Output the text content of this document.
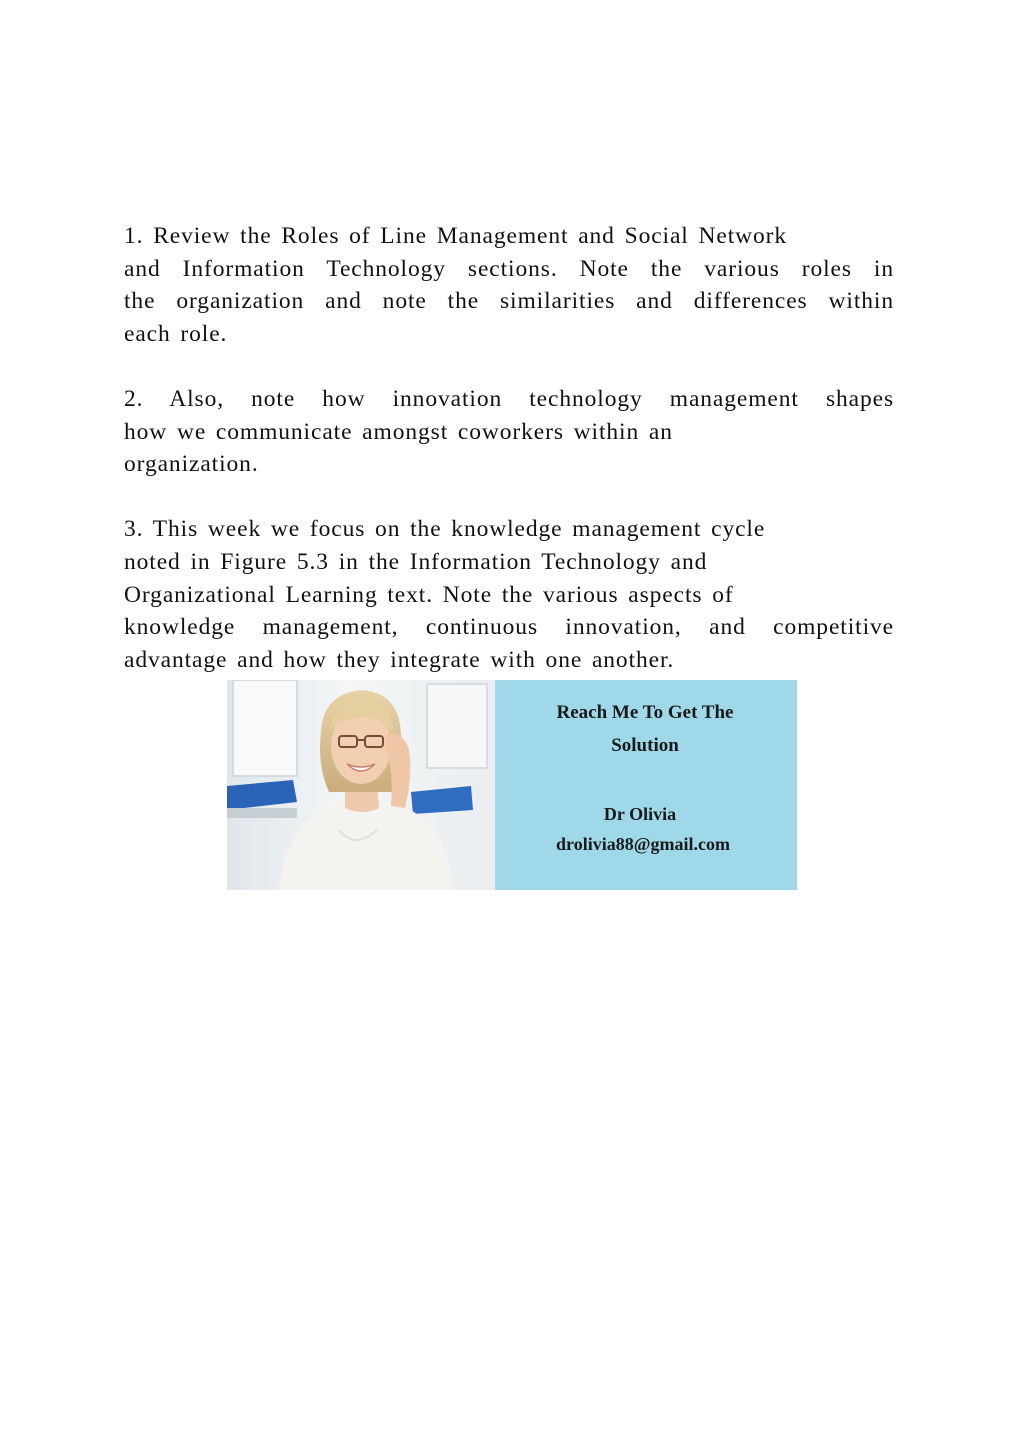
1. Review the Roles of Line Management and Social Network
and Information Technology sections. Note the various roles in
the organization and note the similarities and differences within
each role.

2. Also, note how innovation technology management shapes
how we communicate amongst coworkers within an
organization.

3. This week we focus on the knowledge management cycle
noted in Figure 5.3 in the Information Technology and
Organizational Learning text. Note the various aspects of
knowledge management, continuous innovation, and competitive
advantage and how they integrate with one another.

Reach Me To Get The
Solution
Dr Olivia
drolivia88@gmail.com
